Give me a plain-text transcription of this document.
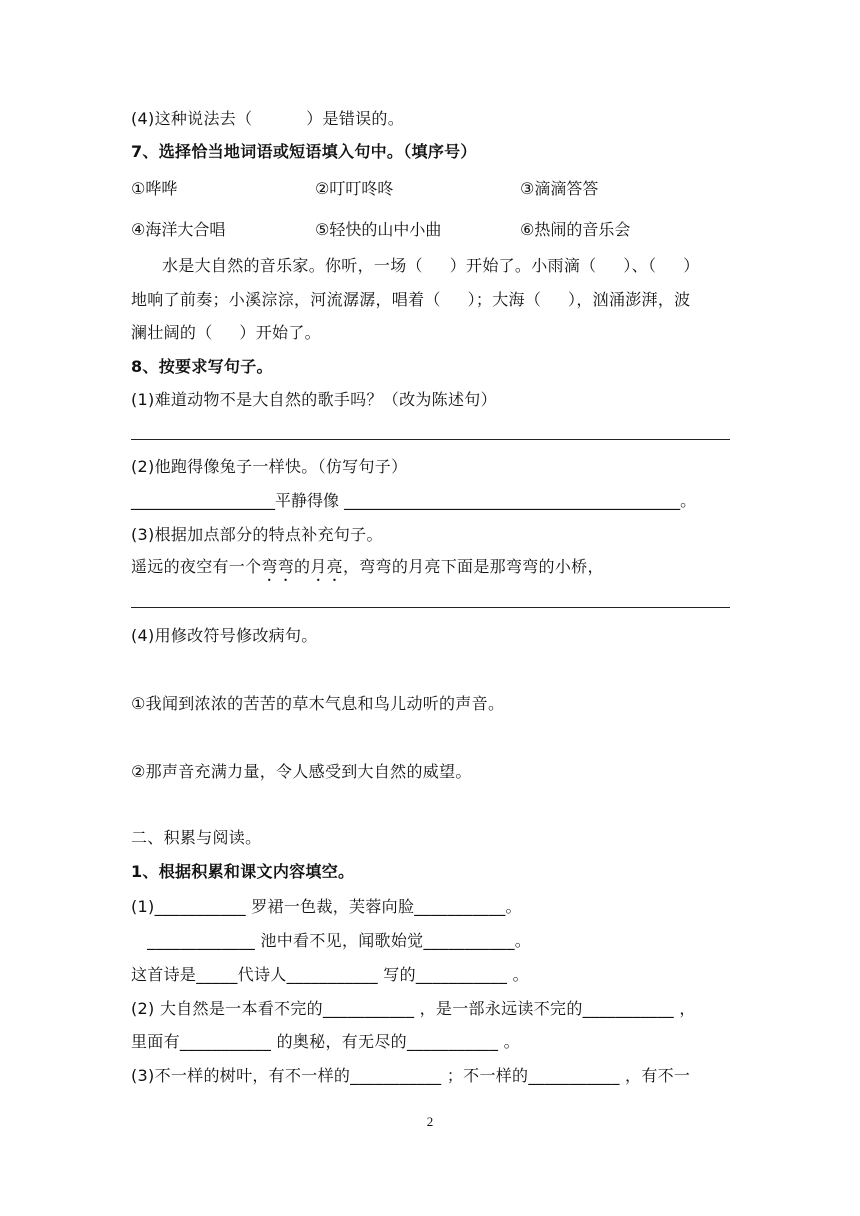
(4)这种说法去（          ）是错误的。
7、选择恰当地词语或短语填入句中。（填序号）
①哗哗	②叮叮咚咚	③滴滴答答
④海洋大合唱	⑤轻快的山中小曲	⑥热闹的音乐会
水是大自然的音乐家。你听，一场（     ）开始了。小雨滴（     ）、（     ）
地响了前奏；小溪淙淙，河流潺潺，唱着（     ）；大海（     ），汹涌澎湃，波
澜壮阔的（     ）开始了。
8、按要求写句子。
(1)难道动物不是大自然的歌手吗？（改为陈述句）
(2)他跑得像兔子一样快。（仿写句子）
__________________平静得像 __________________________________________。
(3)根据加点部分的特点补充句子。
遥远的夜空有一个弯弯的月亮，弯弯的月亮下面是那弯弯的小桥，
(4)用修改符号修改病句。
①我闻到浓浓的苦苦的草木气息和鸟儿动听的声音。
②那声音充满力量，令人感受到大自然的威望。
二、积累与阅读。
1、根据积累和课文内容填空。
(1)___________ 罗裙一色裁，芙蓉向脸___________。
_____________ 池中看不见，闻歌始觉___________。
这首诗是_____代诗人___________ 写的___________ 。
(2) 大自然是一本看不完的___________ ，是一部永远读不完的___________ ，
里面有___________ 的奥秘，有无尽的___________ 。
(3)不一样的树叶，有不一样的___________ ；不一样的___________ ，有不一
2
